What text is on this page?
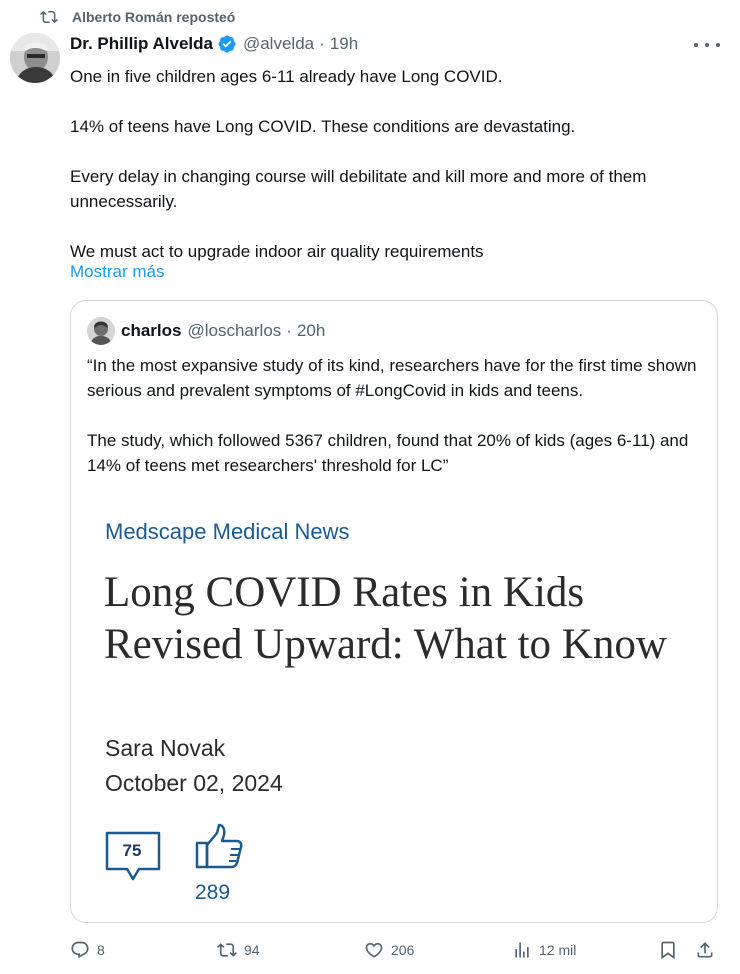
Alberto Román reposteó
Dr. Phillip Alvelda @alvelda · 19h

One in five children ages 6-11 already have Long COVID.

14% of teens have Long COVID. These conditions are devastating.

Every delay in changing course will debilitate and kill more and more of them unnecessarily.

We must act to upgrade indoor air quality requirements

Mostrar más
charlos @loscharlos · 20h

“In the most expansive study of its kind, researchers have for the first time shown serious and prevalent symptoms of #LongCovid in kids and teens.

The study, which followed 5367 children, found that 20% of kids (ages 6-11) and 14% of teens met researchers' threshold for LC”

Medscape Medical News
Long COVID Rates in Kids Revised Upward: What to Know
Sara Novak
October 02, 2024
75
289
8	94	206	12 mil
